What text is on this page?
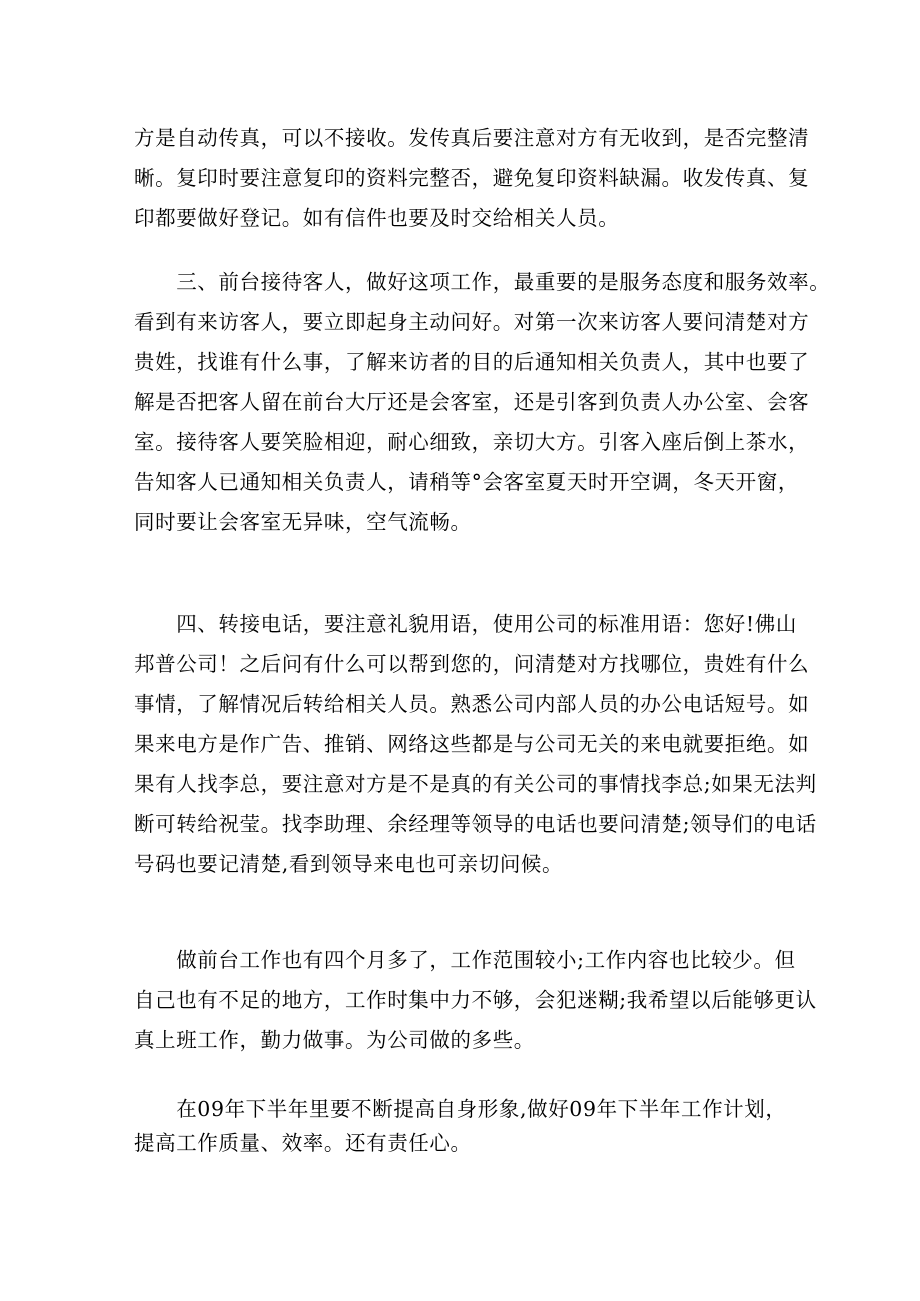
方是自动传真，可以不接收。发传真后要注意对方有无收到，是否完整清
晰。复印时要注意复印的资料完整否，避免复印资料缺漏。收发传真、复
印都要做好登记。如有信件也要及时交给相关人员。
　　三、前台接待客人，做好这项工作，最重要的是服务态度和服务效率。
看到有来访客人，要立即起身主动问好。对第一次来访客人要问清楚对方
贵姓，找谁有什么事，了解来访者的目的后通知相关负责人，其中也要了
解是否把客人留在前台大厅还是会客室，还是引客到负责人办公室、会客
室。接待客人要笑脸相迎，耐心细致，亲切大方。引客入座后倒上茶水，
告知客人已通知相关负责人，请稍等°会客室夏天时开空调，冬天开窗，
同时要让会客室无异味，空气流畅。
　　四、转接电话，要注意礼貌用语，使用公司的标准用语：您好!佛山
邦普公司！之后问有什么可以帮到您的，问清楚对方找哪位，贵姓有什么
事情，了解情况后转给相关人员。熟悉公司内部人员的办公电话短号。如
果来电方是作广告、推销、网络这些都是与公司无关的来电就要拒绝。如
果有人找李总，要注意对方是不是真的有关公司的事情找李总;如果无法判
断可转给祝莹。找李助理、余经理等领导的电话也要问清楚;领导们的电话
号码也要记清楚,看到领导来电也可亲切问候。
　　做前台工作也有四个月多了，工作范围较小;工作内容也比较少。但
自己也有不足的地方，工作时集中力不够，会犯迷糊;我希望以后能够更认
真上班工作，勤力做事。为公司做的多些。
　　在09年下半年里要不断提高自身形象,做好09年下半年工作计划，
提高工作质量、效率。还有责任心。
